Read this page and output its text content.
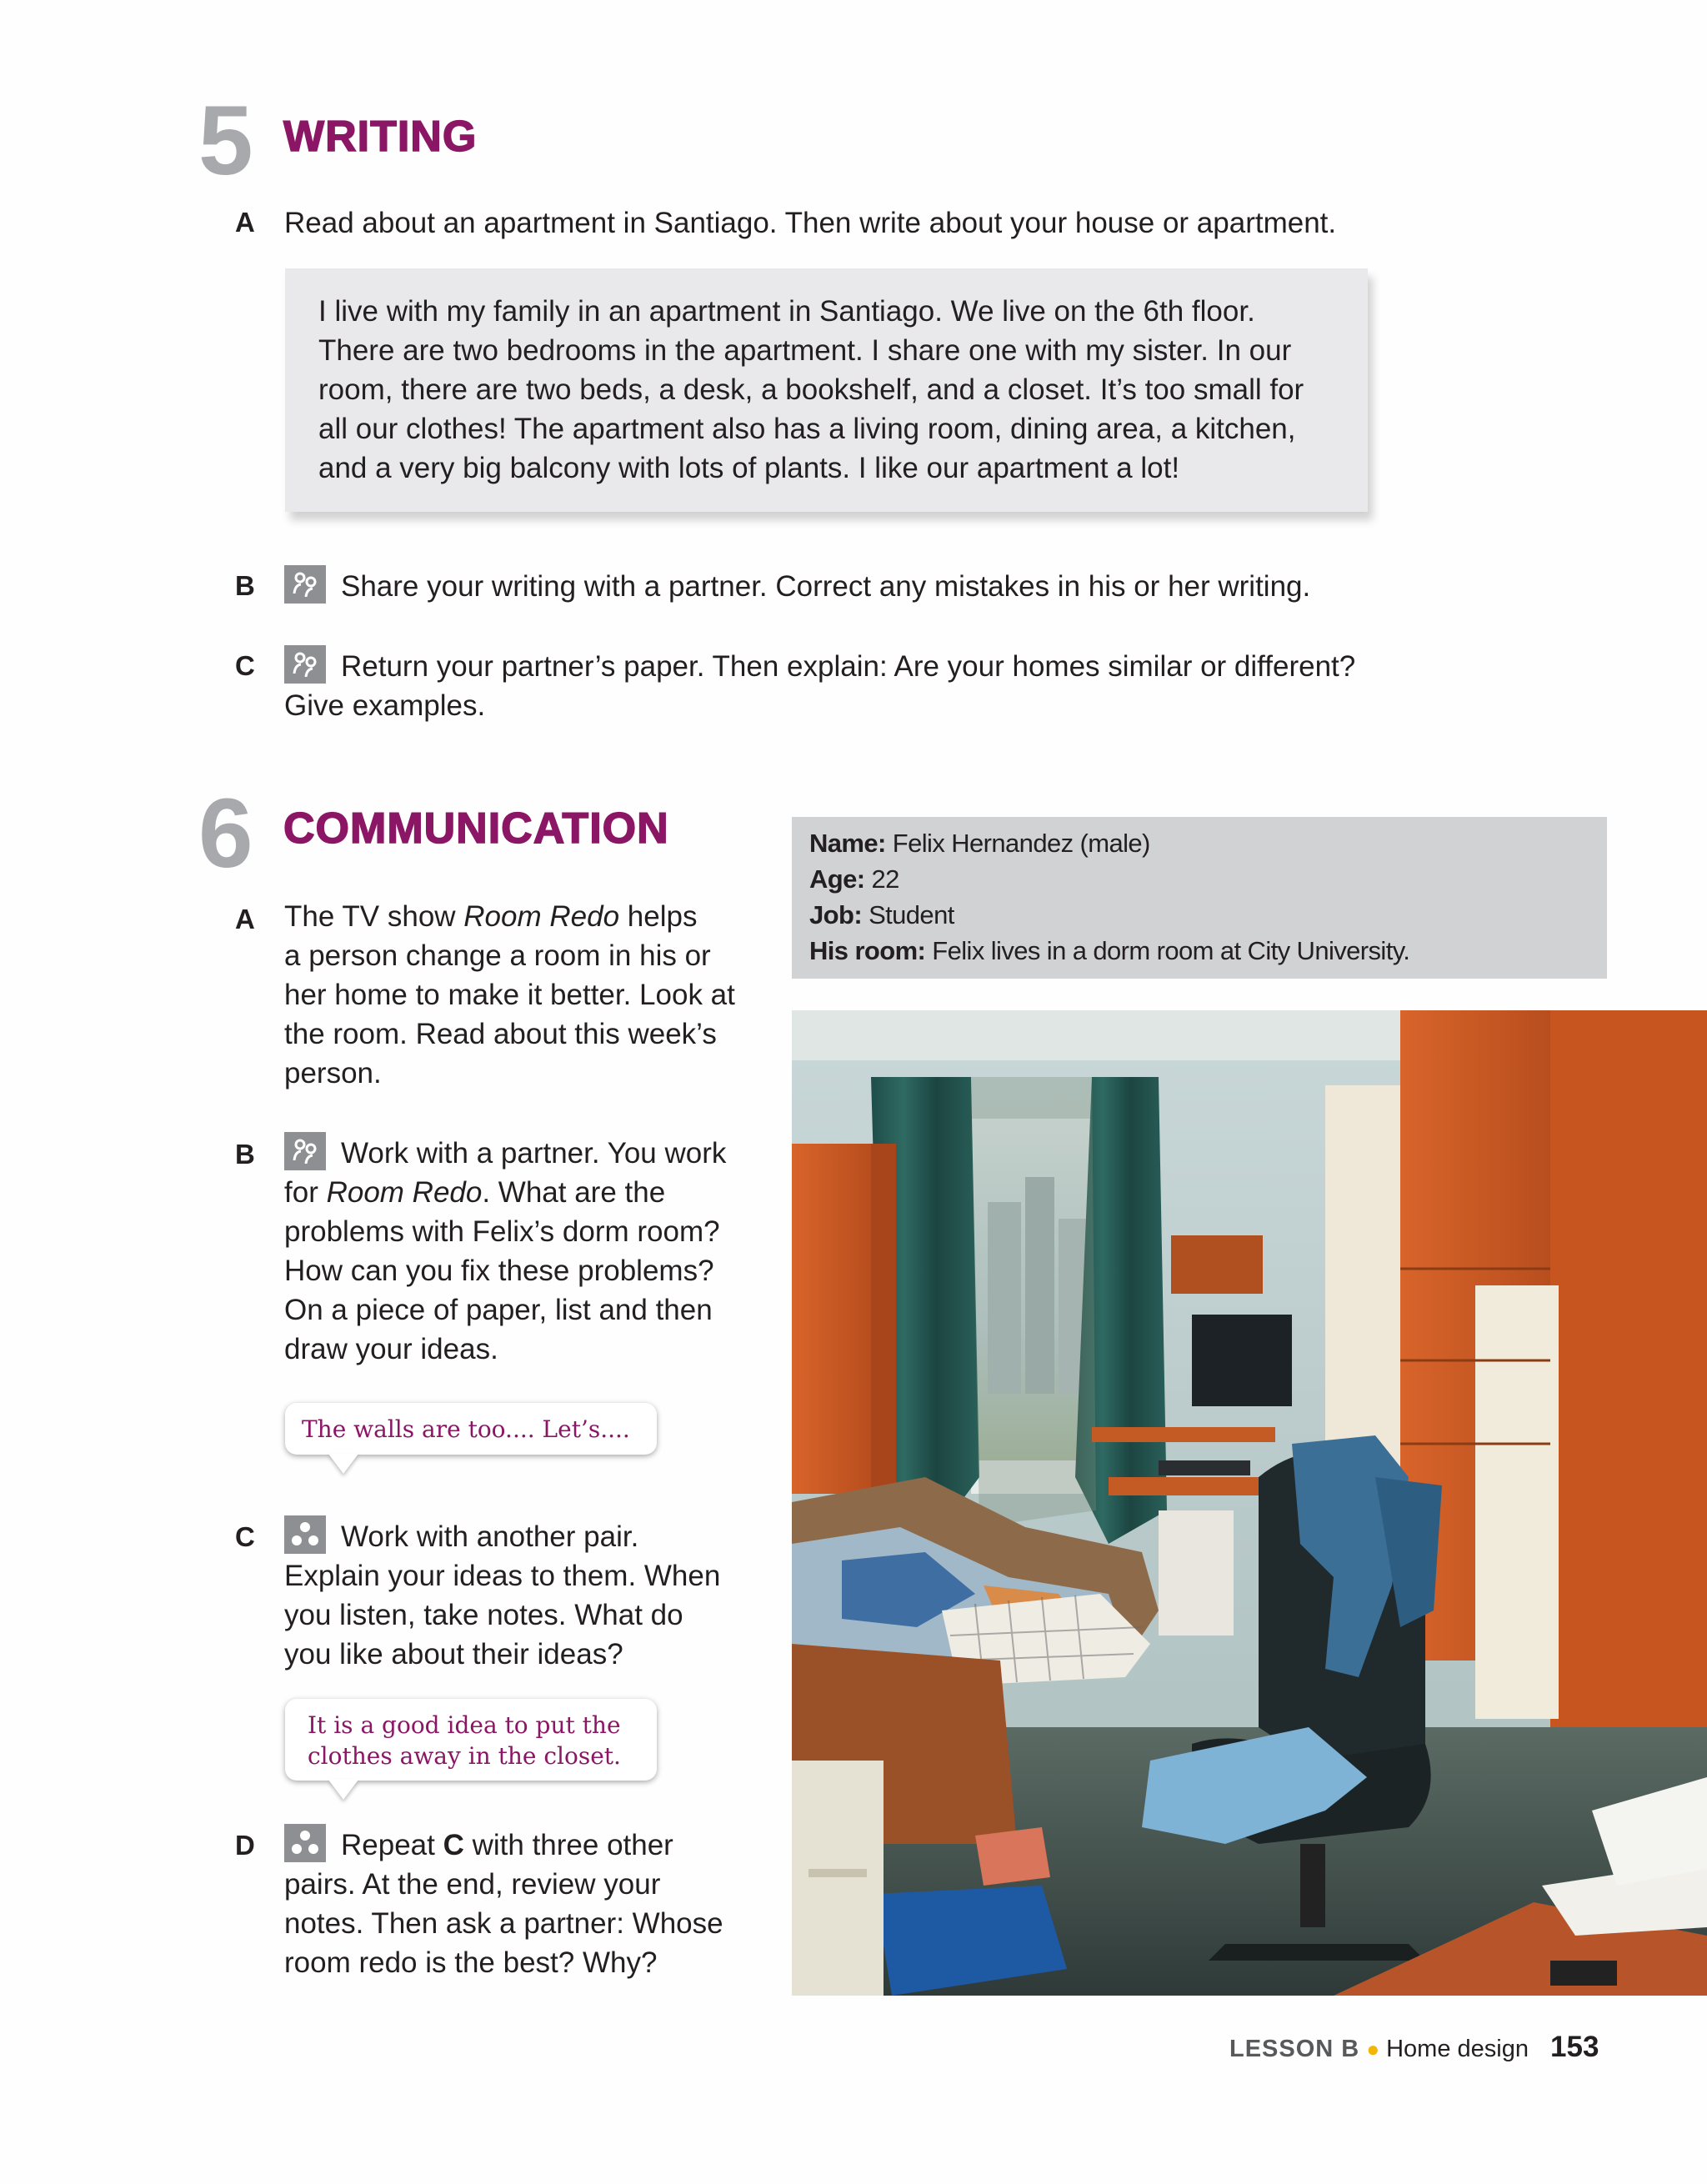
5 WRITING
A Read about an apartment in Santiago. Then write about your house or apartment.
I live with my family in an apartment in Santiago. We live on the 6th floor.
There are two bedrooms in the apartment. I share one with my sister. In our
room, there are two beds, a desk, a bookshelf, and a closet. It’s too small for
all our clothes! The apartment also has a living room, dining area, a kitchen,
and a very big balcony with lots of plants. I like our apartment a lot!
B	Share your writing with a partner. Correct any mistakes in his or her writing.
C	Return your partner’s paper. Then explain: Are your homes similar or different?
Give examples.
6 COMMUNICATION
A The TV show Room Redo helps
a person change a room in his or
her home to make it better. Look at
the room. Read about this week’s
person.
B	Work with a partner. You work
for Room Redo. What are the
problems with Felix’s dorm room?
How can you fix these problems?
On a piece of paper, list and then
draw your ideas.
The walls are too.... Let’s....
C	Work with another pair.
Explain your ideas to them. When
you listen, take notes. What do
you like about their ideas?
It is a good idea to put the
clothes away in the closet.
D	Repeat C with three other
pairs. At the end, review your
notes. Then ask a partner: Whose
room redo is the best? Why?
Name: Felix Hernandez (male)
Age: 22
Job: Student
His room: Felix lives in a dorm room at City University.
LESSON B ● Home design 153
